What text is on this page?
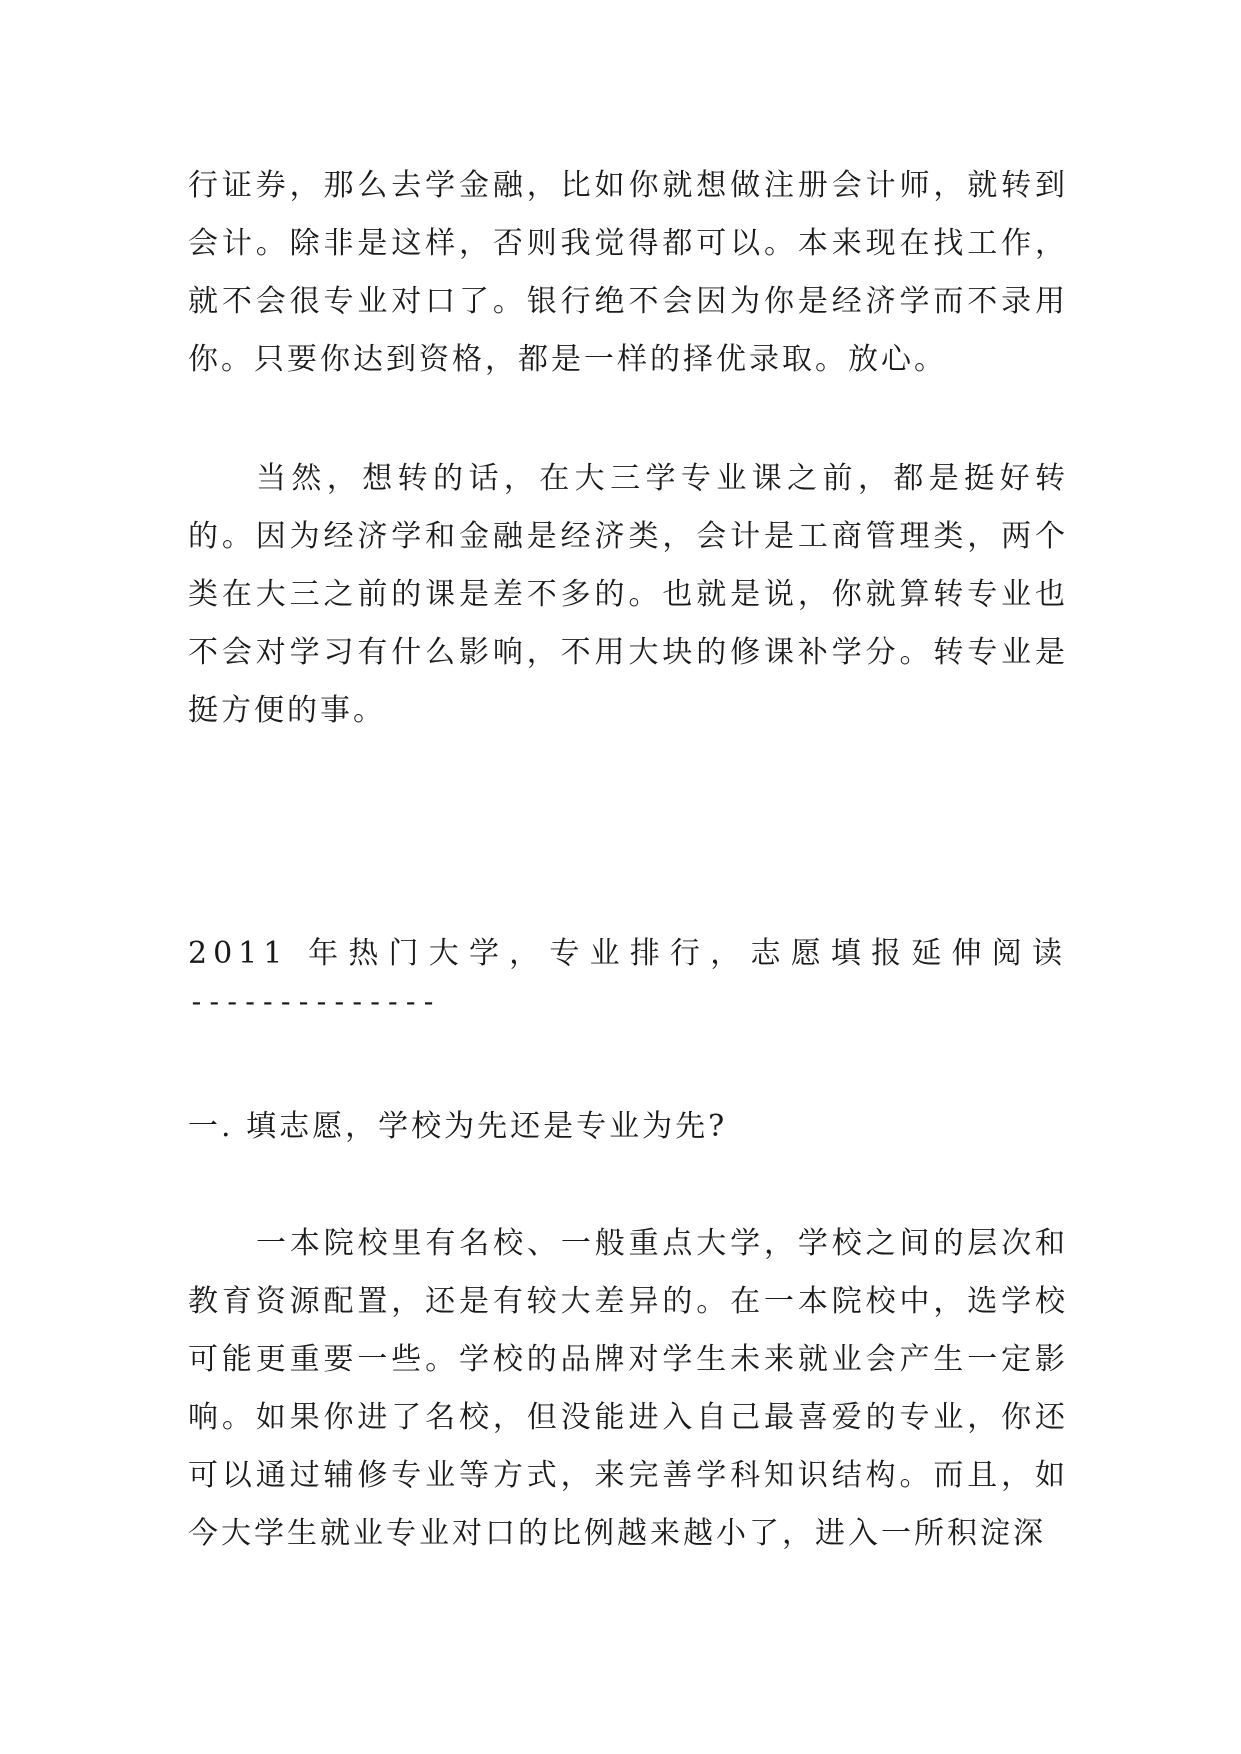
行证券，那么去学金融，比如你就想做注册会计师，就转到会计。除非是这样，否则我觉得都可以。本来现在找工作，就不会很专业对口了。银行绝不会因为你是经济学而不录用你。只要你达到资格，都是一样的择优录取。放心。

当然，想转的话，在大三学专业课之前，都是挺好转的。因为经济学和金融是经济类，会计是工商管理类，两个类在大三之前的课是差不多的。也就是说，你就算转专业也不会对学习有什么影响，不用大块的修课补学分。转专业是挺方便的事。

2011 年热门大学，专业排行，志愿填报延伸阅读

--------------

一. 填志愿，学校为先还是专业为先?

一本院校里有名校、一般重点大学，学校之间的层次和教育资源配置，还是有较大差异的。在一本院校中，选学校可能更重要一些。学校的品牌对学生未来就业会产生一定影响。如果你进了名校，但没能进入自己最喜爱的专业，你还可以通过辅修专业等方式，来完善学科知识结构。而且，如今大学生就业专业对口的比例越来越小了，进入一所积淀深
